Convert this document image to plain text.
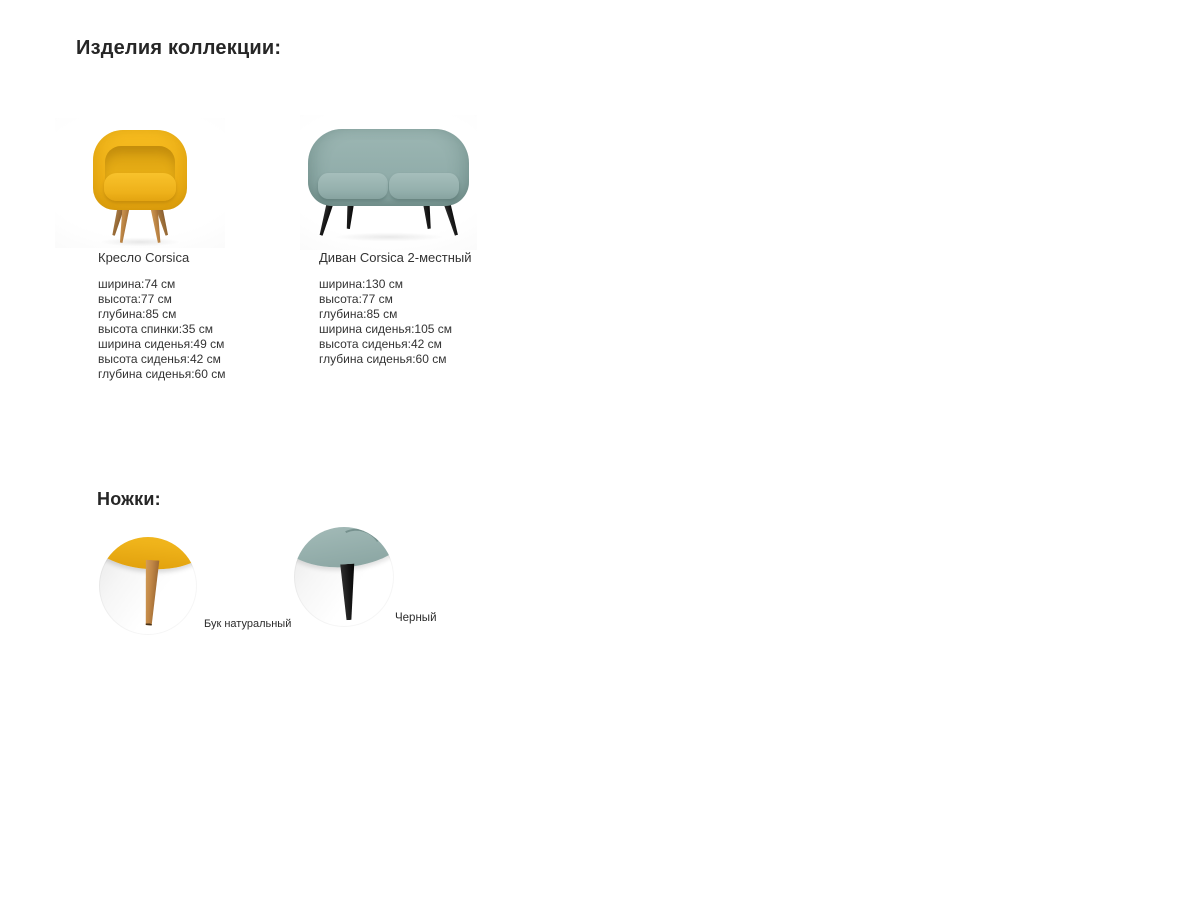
Изделия коллекции:
Кресло Corsica
ширина:74 см
высота:77 см
глубина:85 см
высота спинки:35 см
ширина сиденья:49 см
высота сиденья:42 см
глубина сиденья:60 см
Диван Corsica 2-местный
ширина:130 см
высота:77 см
глубина:85 см
ширина сиденья:105 см
высота сиденья:42 см
глубина сиденья:60 см
Ножки:
Бук натуральный	Черный
